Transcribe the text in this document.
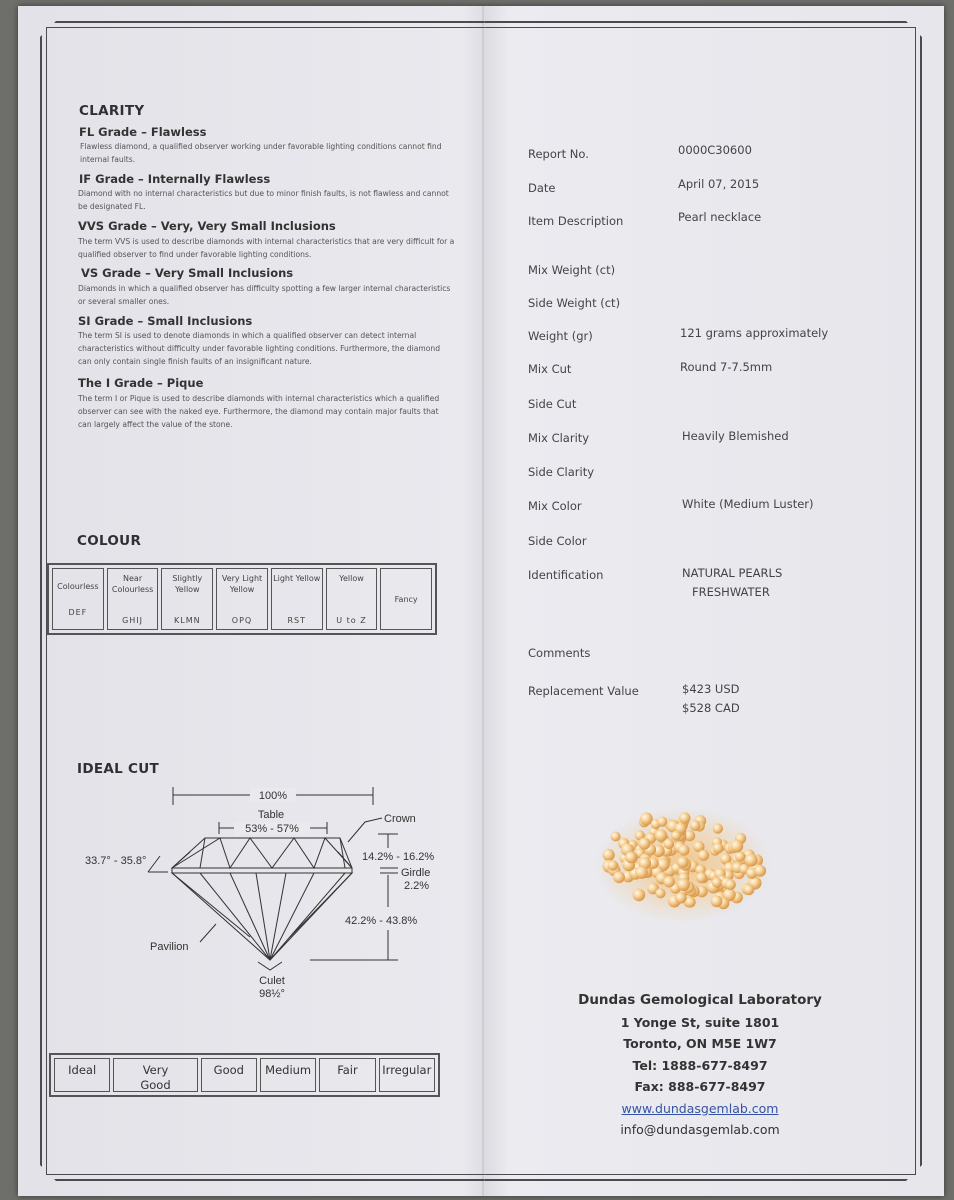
CLARITY
FL Grade – Flawless
Flawless diamond, a qualified observer working under favorable lighting conditions cannot find internal faults.
IF Grade – Internally Flawless
Diamond with no internal characteristics but due to minor finish faults, is not flawless and cannot be designated FL.
VVS Grade – Very, Very Small Inclusions
The term VVS is used to describe diamonds with internal characteristics that are very difficult for a qualified observer to find under favorable lighting conditions.
VS Grade – Very Small Inclusions
Diamonds in which a qualified observer has difficulty spotting a few larger internal characteristics or several smaller ones.
SI Grade – Small Inclusions
The term SI is used to denote diamonds in which a qualified observer can detect internal characteristics without difficulty under favorable lighting conditions. Furthermore, the diamond can only contain single finish faults of an insignificant nature.
The I Grade – Pique
The term I or Pique is used to describe diamonds with internal characteristics which a qualified observer can see with the naked eye. Furthermore, the diamond may contain major faults that can largely affect the value of the stone.
COLOUR
Colourless
DEF
Near Colourless
GHIJ
Slightly Yellow
KLMN
Very Light Yellow
OPQ
Light Yellow
RST
Yellow
U to Z
Fancy
IDEAL CUT
100%
Table
53% - 57%
Crown
33.7° - 35.8°	14.2% - 16.2%
Girdle
2.2%
42.2% - 43.8%
Pavilion
Culet
98½°
Ideal	Very Good
Good	Medium	Fair	Irregular
Report No.	0000C30600
Date	April 07, 2015
Item Description	Pearl necklace
Mix Weight (ct)
Side Weight (ct)
Weight (gr)	121 grams approximately
Mix Cut	Round 7-7.5mm
Side Cut
Mix Clarity	Heavily Blemished
Side Clarity
Mix Color	White (Medium Luster)
Side Color
Identification	NATURAL PEARLS
FRESHWATER
Comments
Replacement Value	$423 USD
$528 CAD
Dundas Gemological Laboratory
1 Yonge St, suite 1801
Toronto, ON M5E 1W7
Tel: 1888-677-8497
Fax: 888-677-8497
www.dundasgemlab.com
info@dundasgemlab.com
